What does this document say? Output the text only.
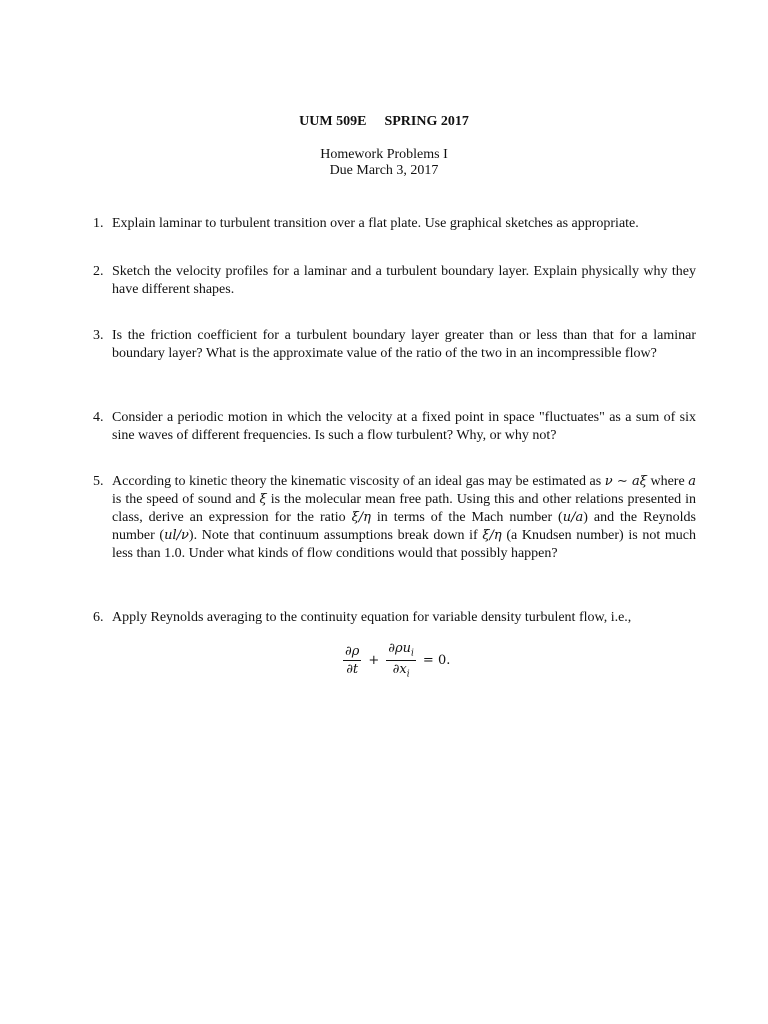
UUM 509E SPRING 2017
Homework Problems I
Due March 3, 2017
1. Explain laminar to turbulent transition over a flat plate. Use graphical sketches as appropriate.
2. Sketch the velocity profiles for a laminar and a turbulent boundary layer. Explain physically why they have different shapes.
3. Is the friction coefficient for a turbulent boundary layer greater than or less than that for a laminar boundary layer? What is the approximate value of the ratio of the two in an incompressible flow?
4. Consider a periodic motion in which the velocity at a fixed point in space "fluctuates" as a sum of six sine waves of different frequencies. Is such a flow turbulent? Why, or why not?
5. According to kinetic theory the kinematic viscosity of an ideal gas may be estimated as ν ∼ aξ where a is the speed of sound and ξ is the molecular mean free path. Using this and other relations presented in class, derive an expression for the ratio ξ/η in terms of the Mach number (u/a) and the Reynolds number (ul/ν). Note that continuum assumptions break down if ξ/η (a Knudsen number) is not much less than 1.0. Under what kinds of flow conditions would that possibly happen?
6. Apply Reynolds averaging to the continuity equation for variable density turbulent flow, i.e.,
$\frac{\partial\rho}{\partial t} + \frac{\partial\rho u_i}{\partial x_i} = 0$.
